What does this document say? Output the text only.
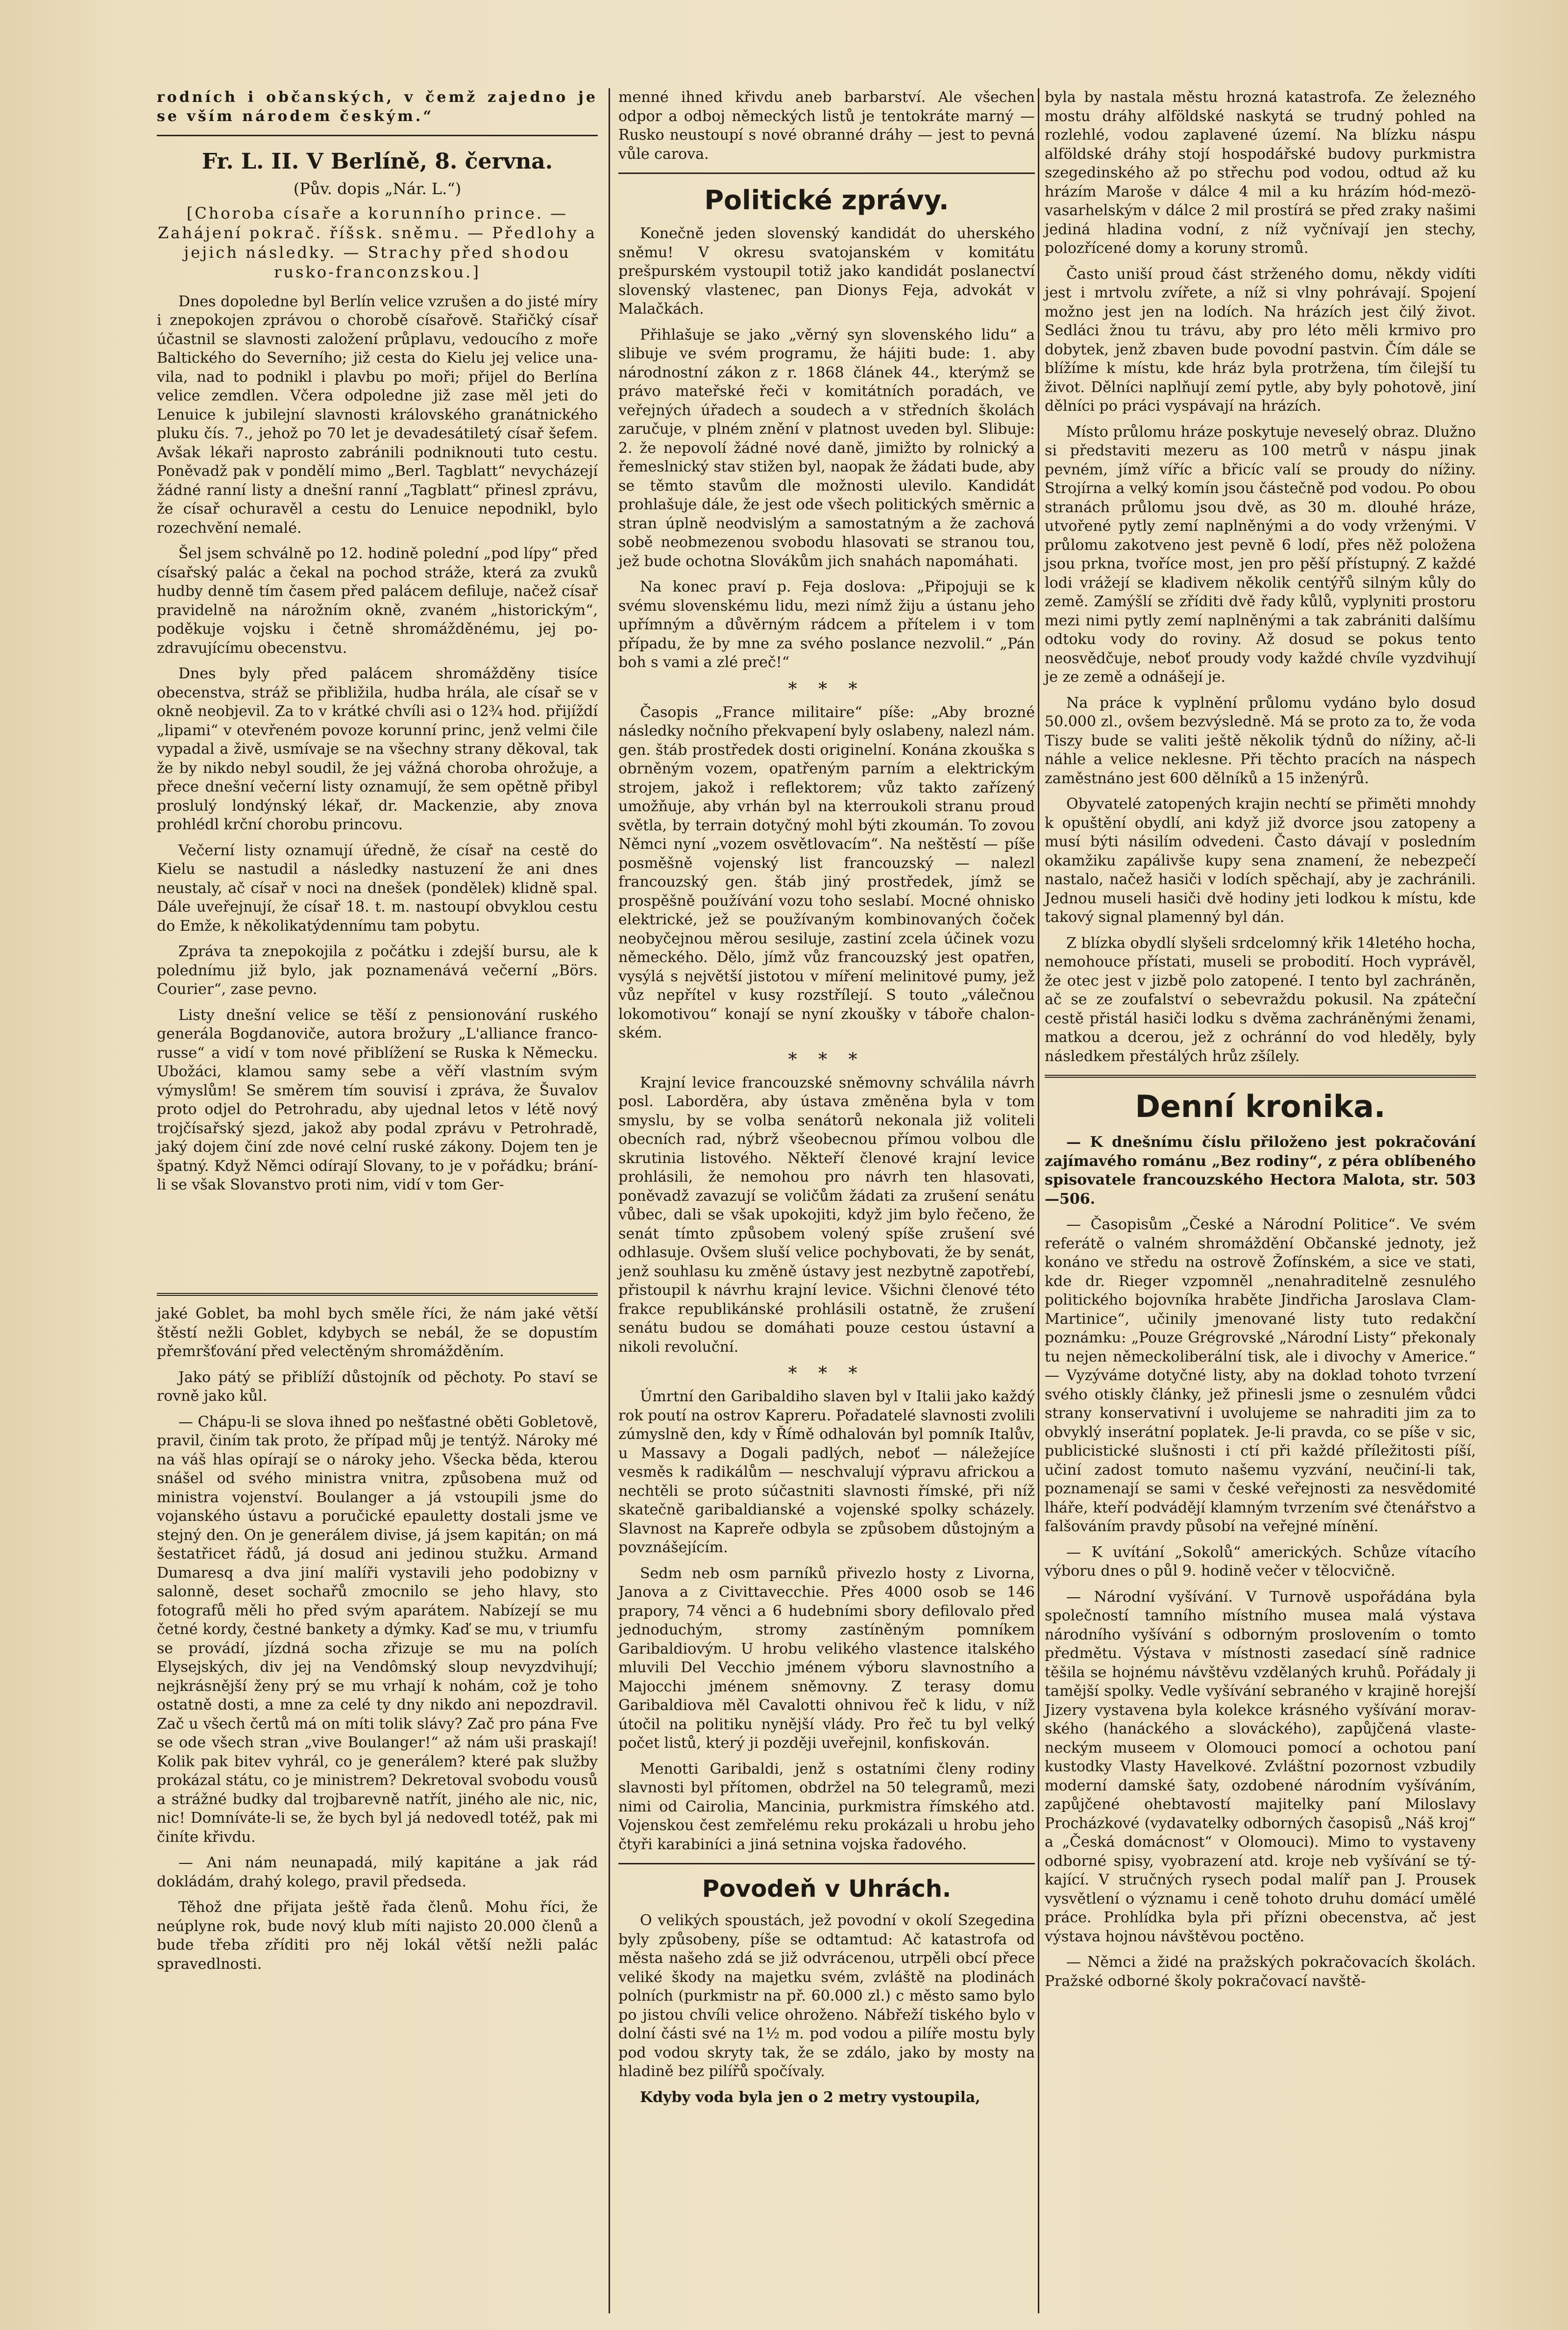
rodních i občanských, v čemž zajedno je se vším národem českým.“

Fr. L. II. V Berlíně, 8. června.

(Pův. dopis „Nár. L.“)

[Choroba císaře a korunního prince. — Zahájení pokrač. říšsk. sněmu. — Předlohy a jejich následky. — Strachy před shodou rusko-franconzskou.]

Dnes dopoledne byl Berlín velice vzrušen a do jisté míry i znepokojen zprávou o chorobě císařově. Stařičký císař účastnil se slavnosti založení průplavu, vedoucího z moře Baltického do Severního; již cesta do Kielu jej velice unavila, nad to podnikl i plavbu po moři; přijel do Berlína velice zemdlen. Včera odpoledne již zase měl jeti do Lenuice k jubilejní slavnosti královského granátnického pluku čís. 7., jehož po 70 let je devadesátiletý císař šefem. Avšak lékaři naprosto zabránili podniknouti tuto cestu. Poněvadž pak v pondělí mimo „Berl. Tagblatt“ nevycházejí žádné ranní listy a dnešní ranní „Tagblatt“ přinesl zprávu, že císař ochuravěl a cestu do Lenuice nepodnikl, bylo rozechvění nemalé.

Šel jsem schválně po 12. hodině polední „pod lípy“ před císařský palác a čekal na pochod stráže, která za zvuků hudby denně tím časem před palácem defiluje, načež císař pravidelně na nárožním okně, zvaném „historickým“, poděkuje vojsku i četně shromážděnému, jej pozdravujícímu obecenstvu.

Dnes byly před palácem shromážděny tisíce obecenstva, stráž se přibližila, hudba hrála, ale císař se v okně neobjevil. Za to v krátké chvíli asi o 12¾ hod. přijíždí „lipami“ v otevřeném povoze korunní princ, jenž velmi čile vypadal a živě, usmívaje se na všechny strany děkoval, tak že by nikdo nebyl soudil, že jej vážná choroba ohrožuje, a přece dnešní večerní listy oznamují, že sem opětně přibyl proslulý londýnský lékař, dr. Mackenzie, aby znova prohlédl krční chorobu princovu.

Večerní listy oznamují úředně, že císař na cestě do Kielu se nastudil a následky nastuzení že ani dnes neustaly, ač císař v noci na dnešek (pondělek) klidně spal. Dále uveřejnují, že císař 18. t. m. nastoupí obvyklou cestu do Emže, k několikatýdennímu tam pobytu.

Zpráva ta znepokojila z počátku i zdejší bursu, ale k polednímu již bylo, jak poznamenává večerní „Börs. Courier“, zase pevno.

Listy dnešní velice se těší z pensionování ruského generála Bogdanoviče, autora brožury „L'alliance franco-russe“ a vidí v tom nové přiblížení se Ruska k Německu. Ubožáci, klamou samy sebe a věří vlastním svým výmyslům! Se směrem tím souvisí i zpráva, že Šuvalov proto odjel do Petrohradu, aby ujednal letos v létě nový trojčísařský sjezd, jakož aby podal zprávu v Petrohradě, jaký dojem činí zde nové celní ruské zákony. Dojem ten je špatný. Když Němci odírají Slovany, to je v pořádku; brání-li se však Slovanstvo proti nim, vidí v tom Ger-

jaké Goblet, ba mohl bych směle říci, že nám jaké větší štěstí nežli Goblet, kdybych se nebál, že se dopustím přemršťování před velectěným shromážděním.

Jako pátý se přiblíží důstojník od pěchoty. Po staví se rovně jako kůl.

— Chápu-li se slova ihned po nešťastné oběti Gobletově, pravil, činím tak proto, že případ můj je tentýž. Nároky mé na váš hlas opírají se o nároky jeho. Všecka běda, kterou snášel od svého ministra vnitra, způsobena muž od ministra vojenství. Boulanger a já vstoupili jsme do vojanského ústavu a poručické epauletty dostali jsme ve stejný den. On je generálem divise, já jsem kapitán; on má šestatřicet řádů, já dosud ani jedinou stužku. Armand Dumaresq a dva jiní malíři vystavili jeho podobizny v salonně, deset sochařů zmocnilo se jeho hlavy, sto fotografů měli ho před svým aparátem. Nabízejí se mu četné kordy, čestné bankety a dýmky. Kaď se mu, v triumfu se provádí, jízdná socha zřizuje se mu na polích Elysejských, div jej na Vendômský sloup nevyzdvihují; nejkrásnější ženy prý se mu vrhají k nohám, což je toho ostatně dosti, a mne za celé ty dny nikdo ani nepozdravil. Zač u všech čertů má on míti tolik slávy? Zač pro pána Fve se ode všech stran „vive Boulanger!“ až nám uši praskají! Kolik pak bitev vyhrál, co je generálem? které pak služby prokázal státu, co je ministrem? Dekretoval svobodu vousů a strážné budky dal trojbarevně natřít, jiného ale nic, nic, nic! Domníváte-li se, že bych byl já nedovedl totéž, pak mi činíte křivdu.

— Ani nám neunapadá, milý kapitáne a jak rád dokládám, drahý kolego, pravil předseda.

Těhož dne přijata ještě řada členů. Mohu říci, že neúplyne rok, bude nový klub míti najisto 20.000 členů a bude třeba zříditi pro něj lokál větší nežli palác spravedlnosti.

menné ihned křivdu aneb barbarství. Ale všechen odpor a odboj německých listů je tentokráte marný — Rusko neustoupí s nové obranné dráhy — jest to pevná vůle carova.

Politické zprávy.

Konečně jeden slovenský kandidát do uherského sněmu! V okresu svatojanském v komitátu prešpurském vystoupil totiž jako kandidát poslanectví slovenský vlastenec, pan Dionys Feja, advokát v Malačkách.

Přihlašuje se jako „věrný syn slovenského lidu“ a slibuje ve svém programu, že hájiti bude: 1. aby národnostní zákon z r. 1868 článek 44., kterýmž se právo mateřské řeči v komitátních poradách, ve veřejných úřadech a soudech a v středních školách zaručuje, v plném znění v platnost uveden byl. Slibuje: 2. že nepovolí žádné nové daně, jimižto by rolnický a řemeslnický stav stižen byl, naopak že žádati bude, aby se těmto stavům dle možnosti ulevilo. Kandidát prohlašuje dále, že jest ode všech politických směrnic a stran úplně neodvislým a samostatným a že zachová sobě neobmezenou svobodu hlasovati se stranou tou, jež bude ochotna Slovákům jich snahách napomáhati.

Na konec praví p. Feja doslova: „Připojuji se k svému slovenskému lidu, mezi nímž žiju a ústanu jeho upřímným a důvěrným rádcem a přítelem i v tom případu, že by mne za svého poslance nezvolil.“ „Pán boh s vami a zlé preč!“

* * *

Časopis „France militaire“ píše: „Aby brozné následky nočního překvapení byly oslabeny, nalezl nám. gen. štáb prostředek dosti originelní. Konána zkouška s obrněným vozem, opatřeným parním a elektrickým strojem, jakož i reflektorem; vůz takto zařízený umožňuje, aby vrhán byl na kterroukoli stranu proud světla, by terrain dotyčný mohl býti zkoumán. To zovou Němci nyní „vozem osvětlovacím“. Na neštěstí — píše posměšně vojenský list francouzský — nalezl francouzský gen. štáb jiný prostředek, jímž se prospěšně používání vozu toho seslabí. Mocné ohnisko elektrické, jež se používaným kombinovaných čoček neobyčejnou měrou sesiluje, zastiní zcela účinek vozu německého. Dělo, jímž vůz francouzský jest opatřen, vysýlá s největší jistotou v míření melinitové pumy, jež vůz nepřítel v kusy rozstřílejí. S touto „válečnou lokomotivou“ konají se nyní zkoušky v táboře chalonském.

* * *

Krajní levice francouzské sněmovny schválila návrh posl. Laborděra, aby ústava změněna byla v tom smyslu, by se volba senátorů nekonala již voliteli obecních rad, nýbrž všeobecnou přímou volbou dle skrutinia listového. Někteří členové krajní levice prohlásili, že nemohou pro návrh ten hlasovati, poněvadž zavazují se voličům žádati za zrušení senátu vůbec, dali se však upokojiti, když jim bylo řečeno, že senát tímto způsobem volený spíše zrušení své odhlasuje. Ovšem sluší velice pochybovati, že by senát, jenž souhlasu ku změně ústavy jest nezbytně zapotřebí, přistoupil k návrhu krajní levice. Všichni členové této frakce republikánské prohlásili ostatně, že zrušení senátu budou se domáhati pouze cestou ústavní a nikoli revoluční.

* * *

Úmrtní den Garibaldiho slaven byl v Italii jako každý rok poutí na ostrov Kapreru. Pořadatelé slavnosti zvolili zúmysln​ě den, kdy v Římě odhalován byl pomník Italův, u Massavy a Dogali padlých, neboť — náležejíce vesměs k radikálům — neschvalují výpravu africkou a nechtěli se proto súčastniti slavnosti římské, při níž skatečně garibaldianské a vojenské spolky scházely. Slavnost na Kapreře odbyla se způsobem důstojným a povznášejícím.

Sedm neb osm parníků přivezlo hosty z Livorna, Janova a z Civittavecchie. Přes 4000 osob se 146 prapory, 74 věnci a 6 hudebními sbory defilovalo před jednoduchým, stromy zastíněným pomníkem Garibaldiovým. U hrobu velikého vlastence italského mluvili Del Vecchio jménem výboru slavnostního a Majocchi jménem sněmovny. Z terasy domu Garibaldiova měl Cavalotti ohnivou řeč k lidu, v níž útočil na politiku nynější vlády. Pro řeč tu byl velký počet listů, který ji později uveřejnil, konfiskován.

Menotti Garibaldi, jenž s ostatními členy rodiny slavnosti byl přítomen, obdržel na 50 telegramů, mezi nimi od Cairolia, Mancinia, purkmistra římského atd. Vojenskou čest zemřelému reku prokázali u hrobu jeho čtyři karabiníci a jiná setnina vojska řadového.

Povodeň v Uhrách.

O velikých spoustách, jež povodní v okolí Szegedina byly způsobeny, píše se odtamtud: Ač katastrofa od města našeho zdá se již odvrácenou, utrpěli obcí přece veliké škody na majetku svém, zvláště na plodinách polních (purkmistr na př. 60.000 zl.) c město samo bylo po jistou chvíli velice ohroženo. Nábřeží tiského bylo v dolní části své na 1½ m. pod vodou a pilíře mostu byly pod vodou skryty tak, že se zdálo, jako by mosty na hladině bez pilířů spočívaly.

Kdyby voda byla jen o 2 metry vystoupila,

byla by nastala městu hrozná katastrofa. Ze železného mostu dráhy alföldské naskytá se trudný pohled na rozlehlé, vodou zaplavené území. Na blízku náspu alföldské dráhy stojí hospodářské budovy purkmistra szegedinského až po střechu pod vodou, odtud až ku hrázím Maroše v dálce 4 mil a ku hrázím hód-mezö-vasarhelským v dálce 2 mil prostírá se před zraky našimi jediná hladina vodní, z níž vyčnívají jen stechy, polozřícené domy a koruny stromů.

Často uniší proud část strženého domu, někdy vidíti jest i mrtvolu zvířete, a níž si vlny pohrávají. Spojení možno jest jen na lodích. Na hrázích jest čilý život. Sedláci žnou tu trávu, aby pro léto měli krmivo pro dobytek, jenž zbaven bude povodní pastvin. Čím dále se blížíme k místu, kde hráz byla protržena, tím čilejší tu život. Dělníci naplňují zemí pytle, aby byly pohotově, jiní dělníci po práci vyspávají na hrázích.

Místo průlomu hráze poskytuje neveselý obraz. Dlužno si představiti mezeru as 100 metrů v náspu jinak pevném, jímž víříc a břicíc valí se proudy do nížiny. Strojírna a velký komín jsou částečně pod vodou. Po obou stranách průlomu jsou dvě, as 30 m. dlouhé hráze, utvořené pytly zemí naplněnými a do vody vrženými. V průlomu zakotveno jest pevně 6 lodí, přes něž položena jsou prkna, tvoříce most, jen pro pěší přístupný. Z každé lodi vrážejí se kladivem několik centýřů silným kůly do země. Zamýšlí se zříditi dvě řady kůlů, vyplyniti prostoru mezi nimi pytly zemí naplněnými a tak zabrániti dalšímu odtoku vody do roviny. Až dosud se pokus tento neosvědčuje, neboť proudy vody každé chvíle vyzdvihují je ze země a odnášejí je.

Na práce k vyplnění průlomu vydáno bylo dosud 50.000 zl., ovšem bezvýsledně. Má se proto za to, že voda Tiszy bude se valiti ještě několik týdnů do nížiny, ač-li náhle a velice neklesne. Při těchto pracích na náspech zaměstnáno jest 600 dělníků a 15 inženýrů.

Obyvatelé zatopených krajin nechtí se přiměti mnohdy k opuštění obydlí, ani když již dvorce jsou zatopeny a musí býti násilím odvedeni. Často dávají v posledním okamžiku zapálivše kupy sena znamení, že nebezpečí nastalo, načež hasiči v lodích spěchají, aby je zachránili. Jednou museli hasiči dvě hodiny jeti lodkou k místu, kde takový signal plamenný byl dán.

Z blízka obydlí slyšeli srdcelomný křik 14letého hocha, nemohouce přístati, museli se probodití. Hoch vyprávěl, že otec jest v jizbě polo zatopené. I tento byl zachráněn, ač se ze zoufalství o sebevraždu pokusil. Na zpáteční cestě přistál hasiči lodku s dvěma zachráněnými ženami, matkou a dcerou, jež z ochránní do vod hleděly, byly následkem přestálých hrůz zšílely.

Denní kronika.

— K dnešnímu číslu přiloženo jest pokračování zajímavého románu „Bez rodiny“, z péra oblíbeného spisovatele francouzského Hectora Malota, str. 503—506.

— Časopisům „České a Národní Politice“. Ve svém referátě o valném shromáždění Občanské jednoty, jež konáno ve středu na ostrově Žofínském, a sice ve stati, kde dr. Rieger vzpomněl „nenahraditelně zesnulého politického bojovníka hraběte Jindřicha Jaroslava Clam-Martinice“, učinily jmenované listy tuto redakční poznámku: „Pouze Grégrovské „Národní Listy“ překonaly tu nejen německoliberální tisk, ale i divochy v Americe.“ — Vyzýváme dotyčné listy, aby na doklad tohoto tvrzení svého otiskly články, jež přinesli jsme o zesnulém vůdci strany konservativní i uvolujeme se nahraditi jim za to obvyklý inserátní poplatek. Je-li pravda, co se píše v sic, publicistické slušnosti i ctí při každé příležitosti píší, učiní zadost tomuto našemu vyzvání, neučiní-li tak, poznamenají se sami v české veřejnosti za nesvědomité lháře, kteří podvádějí klamným tvrzením své čtenářstvo a falšováním pravdy působí na veřejné mínění.

— K uvítání „Sokolů“ amerických. Schůze vítacího výboru dnes o půl 9. hodině večer v tělocvičně.

— Národní vyšívání. V Turnově uspořádána byla společností tamního místního musea malá výstava národního vyšívání s odborným proslovením o tomto předmětu. Výstava v místnosti zasedací síně radnice těšila se hojnému návštěvu vzdělaných kruhů. Pořádaly ji tamější spolky. Vedle vyšívání sebraného v krajině horejší Jizery vystavena byla kolekce krásného vyšívání moravského (hanáckého a slováckého), zapůjčená vlasteneckým museem v Olomouci pomocí a ochotou paní kustodky Vlasty Havelkové. Zvláštní pozornost vzbudily moderní damské šaty, ozdobené národním vyšíváním, zapůjčené ohebtavostí majitelky paní Miloslavy Procházkové (vydavatelky odborných časopisů „Náš kroj“ a „Česká domácnost“ v Olomouci). Mimo to vystaveny odborné spisy, vyobrazení atd. kroje neb vyšívání se týkající. V stručných rysech podal malíř pan J. Prousek vysvětlení o významu i ceně tohoto druhu domácí umělé práce. Prohlídka byla při přízni obecenstva, ač jest výstava hojnou návštěvou poctěno.

— Němci a židé na pražských pokračovacích školách. Pražské odborné školy pokračovací navště-
